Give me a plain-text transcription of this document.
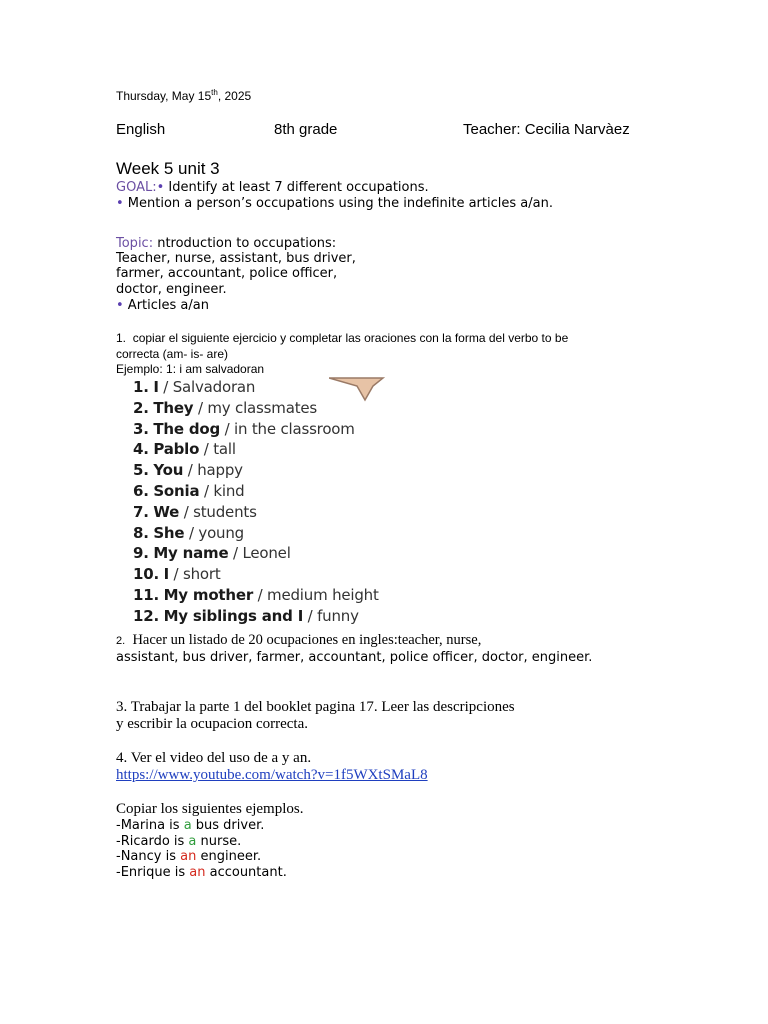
Thursday, May 15th, 2025
English	8th grade	Teacher: Cecilia Narvàez
Week 5 unit 3
GOAL:• Identify at least 7 different occupations.
• Mention a person’s occupations using the indefinite articles a/an.
Topic: ntroduction to occupations:
Teacher, nurse, assistant, bus driver,
farmer, accountant, police officer,
doctor, engineer.
• Articles a/an
1. copiar el siguiente ejercicio y completar las oraciones con la forma del verbo to be
correcta (am- is- are)
Ejemplo: 1: i am salvadoran
1. I / Salvadoran
2. They / my classmates
3. The dog / in the classroom
4. Pablo / tall
5. You / happy
6. Sonia / kind
7. We / students
8. She / young
9. My name / Leonel
10. I / short
11. My mother / medium height
12. My siblings and I / funny
2. Hacer un listado de 20 ocupaciones en ingles:teacher, nurse,
assistant, bus driver, farmer, accountant, police officer, doctor, engineer.
3. Trabajar la parte 1 del booklet pagina 17. Leer las descripciones
y escribir la ocupacion correcta.
4. Ver el video del uso de a y an.
https://www.youtube.com/watch?v=1f5WXtSMaL8
Copiar los siguientes ejemplos.
-Marina is a bus driver.
-Ricardo is a nurse.
-Nancy is an engineer.
-Enrique is an accountant.
